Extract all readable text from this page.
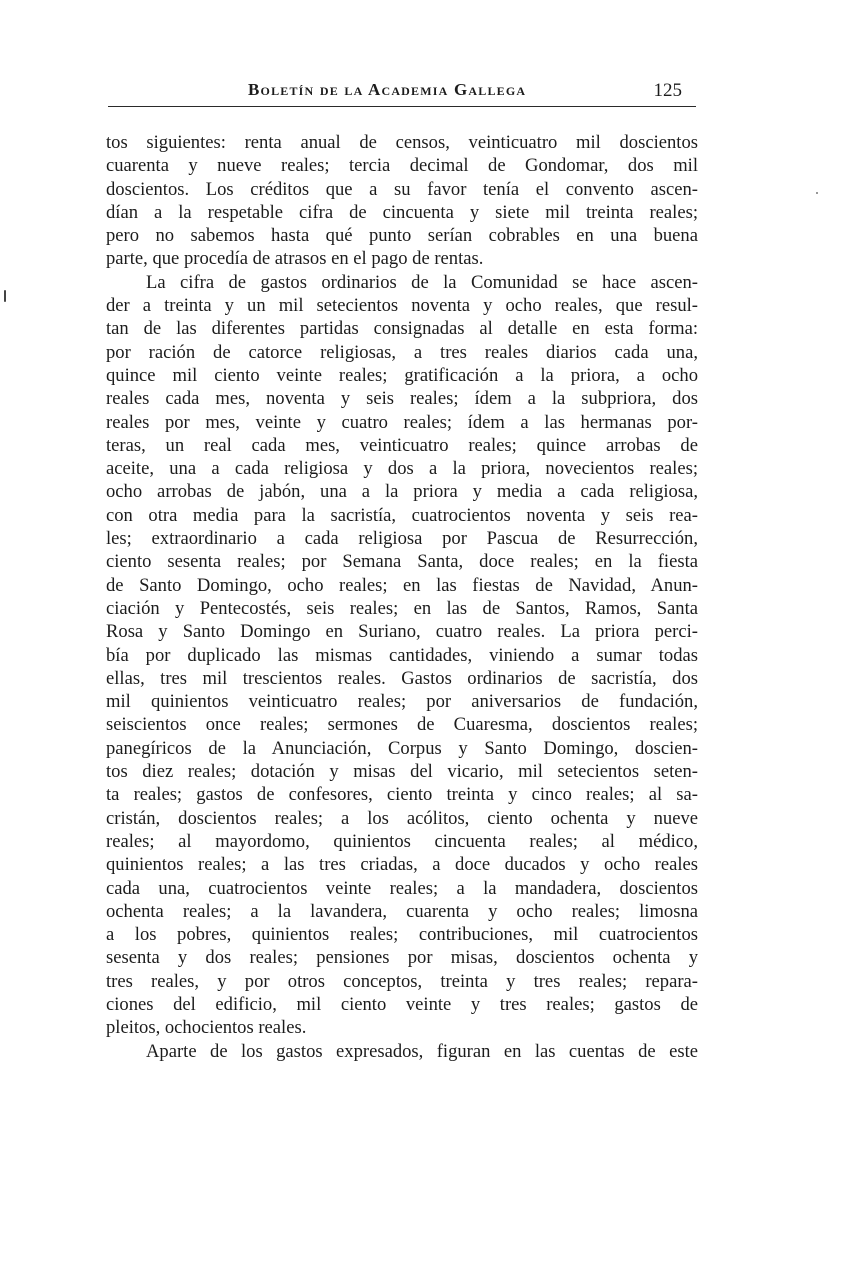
Boletín de la Academia Gallega	125
tos siguientes: renta anual de censos, veinticuatro mil doscientos
cuarenta y nueve reales; tercia decimal de Gondomar, dos mil
doscientos. Los créditos que a su favor tenía el convento ascen-
dían a la respetable cifra de cincuenta y siete mil treinta reales;
pero no sabemos hasta qué punto serían cobrables en una buena
parte, que procedía de atrasos en el pago de rentas.
La cifra de gastos ordinarios de la Comunidad se hace ascen-
der a treinta y un mil setecientos noventa y ocho reales, que resul-
tan de las diferentes partidas consignadas al detalle en esta forma:
por ración de catorce religiosas, a tres reales diarios cada una,
quince mil ciento veinte reales; gratificación a la priora, a ocho
reales cada mes, noventa y seis reales; ídem a la subpriora, dos
reales por mes, veinte y cuatro reales; ídem a las hermanas por-
teras, un real cada mes, veinticuatro reales; quince arrobas de
aceite, una a cada religiosa y dos a la priora, novecientos reales;
ocho arrobas de jabón, una a la priora y media a cada religiosa,
con otra media para la sacristía, cuatrocientos noventa y seis rea-
les; extraordinario a cada religiosa por Pascua de Resurrección,
ciento sesenta reales; por Semana Santa, doce reales; en la fiesta
de Santo Domingo, ocho reales; en las fiestas de Navidad, Anun-
ciación y Pentecostés, seis reales; en las de Santos, Ramos, Santa
Rosa y Santo Domingo en Suriano, cuatro reales. La priora perci-
bía por duplicado las mismas cantidades, viniendo a sumar todas
ellas, tres mil trescientos reales. Gastos ordinarios de sacristía, dos
mil quinientos veinticuatro reales; por aniversarios de fundación,
seiscientos once reales; sermones de Cuaresma, doscientos reales;
panegíricos de la Anunciación, Corpus y Santo Domingo, doscien-
tos diez reales; dotación y misas del vicario, mil setecientos seten-
ta reales; gastos de confesores, ciento treinta y cinco reales; al sa-
cristán, doscientos reales; a los acólitos, ciento ochenta y nueve
reales; al mayordomo, quinientos cincuenta reales; al médico,
quinientos reales; a las tres criadas, a doce ducados y ocho reales
cada una, cuatrocientos veinte reales; a la mandadera, doscientos
ochenta reales; a la lavandera, cuarenta y ocho reales; limosna
a los pobres, quinientos reales; contribuciones, mil cuatrocientos
sesenta y dos reales; pensiones por misas, doscientos ochenta y
tres reales, y por otros conceptos, treinta y tres reales; repara-
ciones del edificio, mil ciento veinte y tres reales; gastos de
pleitos, ochocientos reales.
Aparte de los gastos expresados, figuran en las cuentas de este
